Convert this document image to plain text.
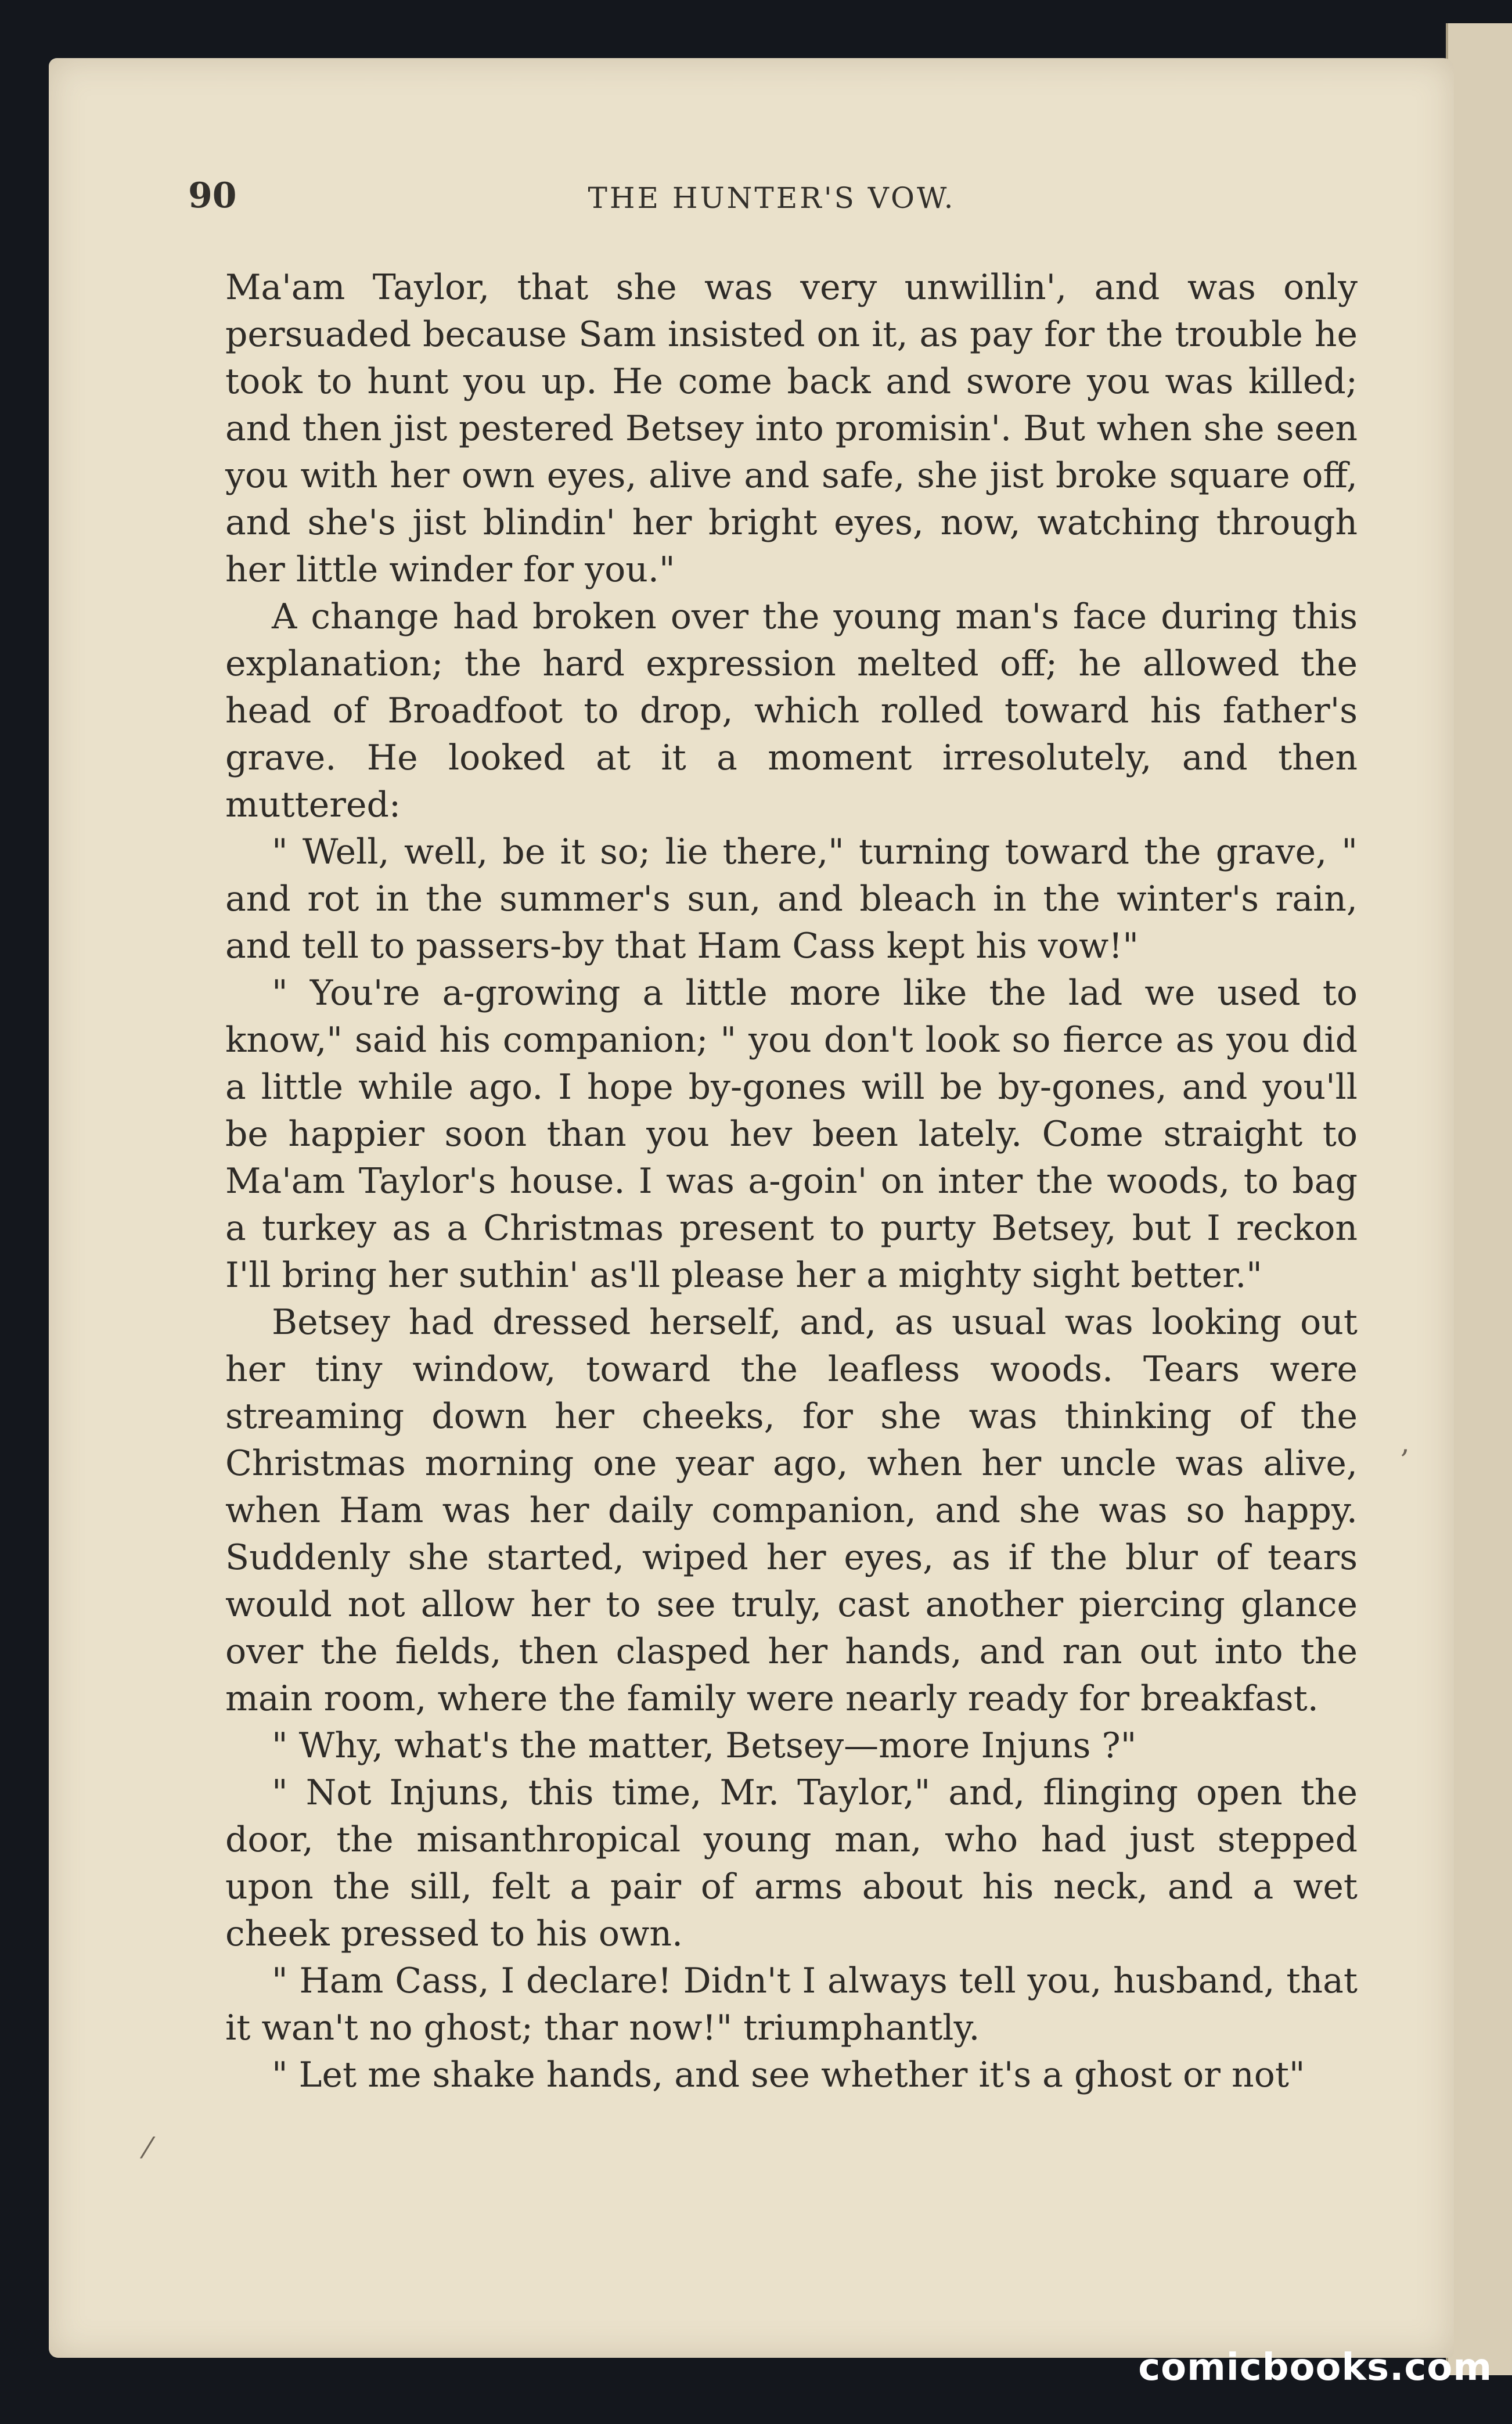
90	THE HUNTER'S VOW.

Ma'am Taylor, that she was very unwillin', and was only persuaded because Sam insisted on it, as pay for the trouble he took to hunt you up. He come back and swore you was killed; and then jist pestered Betsey into promisin'. But when she seen you with her own eyes, alive and safe, she jist broke square off, and she's jist blindin' her bright eyes, now, watching through her little winder for you."

A change had broken over the young man's face during this explanation; the hard expression melted off; he allowed the head of Broadfoot to drop, which rolled toward his father's grave. He looked at it a moment irresolutely, and then muttered:

" Well, well, be it so; lie there," turning toward the grave, " and rot in the summer's sun, and bleach in the winter's rain, and tell to passers-by that Ham Cass kept his vow!"

" You're a-growing a little more like the lad we used to know," said his companion; " you don't look so fierce as you did a little while ago. I hope by-gones will be by-gones, and you'll be happier soon than you hev been lately. Come straight to Ma'am Taylor's house. I was a-goin' on inter the woods, to bag a turkey as a Christmas present to purty Betsey, but I reckon I'll bring her suthin' as'll please her a mighty sight better."

Betsey had dressed herself, and, as usual was looking out her tiny window, toward the leafless woods. Tears were streaming down her cheeks, for she was thinking of the Christmas morning one year ago, when her uncle was alive, when Ham was her daily companion, and she was so happy. Suddenly she started, wiped her eyes, as if the blur of tears would not allow her to see truly, cast another piercing glance over the fields, then clasped her hands, and ran out into the main room, where the family were nearly ready for breakfast.

" Why, what's the matter, Betsey—more Injuns ?"

" Not Injuns, this time, Mr. Taylor," and, flinging open the door, the misanthropical young man, who had just stepped upon the sill, felt a pair of arms about his neck, and a wet cheek pressed to his own.

" Ham Cass, I declare! Didn't I always tell you, husband, that it wan't no ghost; thar now!" triumphantly.

" Let me shake hands, and see whether it's a ghost or not"

⁄
,
comicbooks.com
